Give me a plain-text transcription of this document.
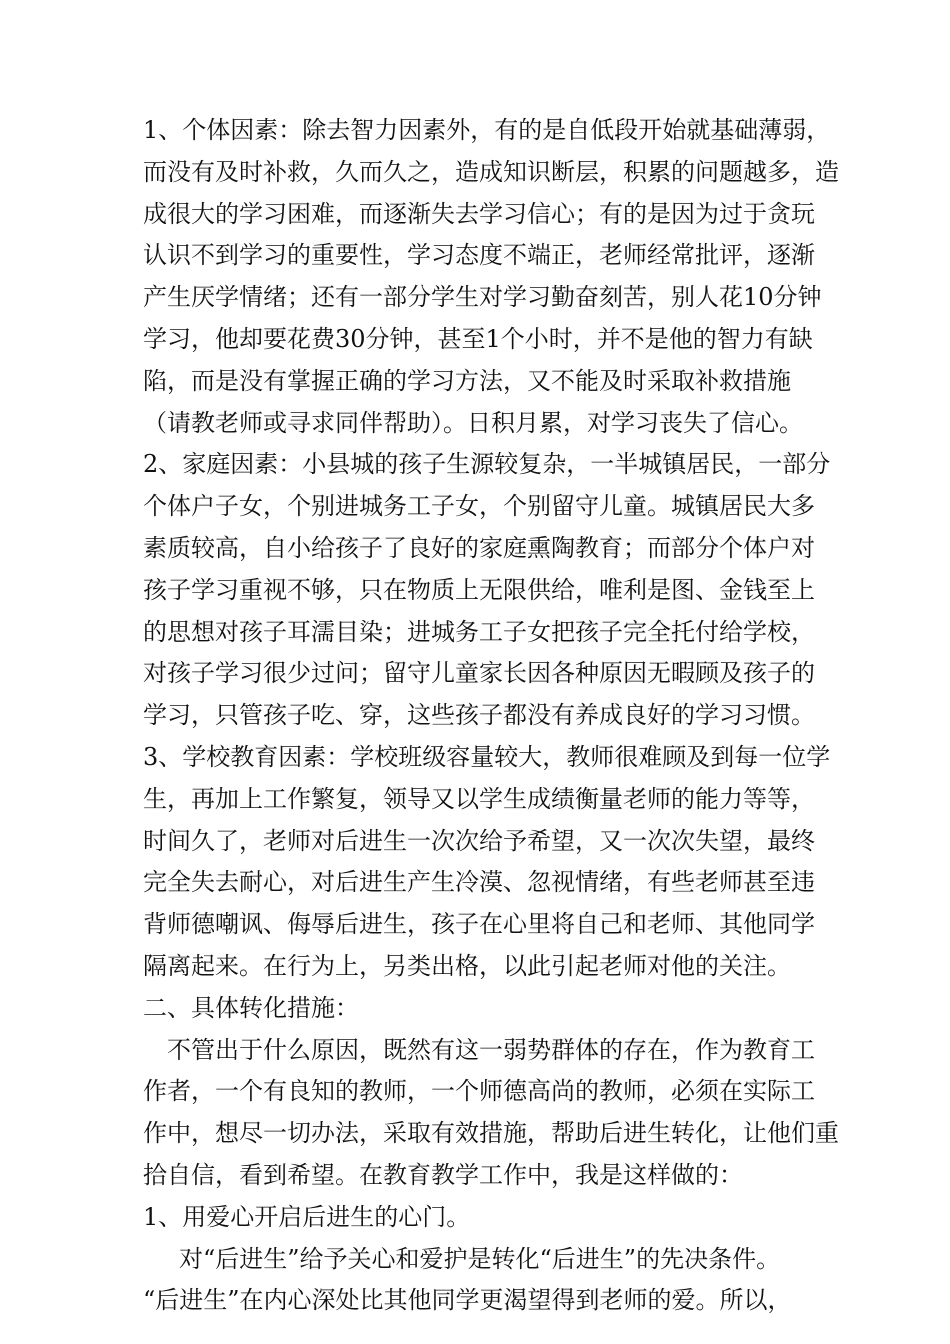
1、个体因素：除去智力因素外，有的是自低段开始就基础薄弱，
而没有及时补救，久而久之，造成知识断层，积累的问题越多，造
成很大的学习困难，而逐渐失去学习信心；有的是因为过于贪玩
认识不到学习的重要性，学习态度不端正，老师经常批评，逐渐
产生厌学情绪；还有一部分学生对学习勤奋刻苦，别人花10分钟
学习，他却要花费30分钟，甚至1个小时，并不是他的智力有缺
陷，而是没有掌握正确的学习方法，又不能及时采取补救措施
（请教老师或寻求同伴帮助）。日积月累，对学习丧失了信心。
2、家庭因素：小县城的孩子生源较复杂，一半城镇居民，一部分
个体户子女，个别进城务工子女，个别留守儿童。城镇居民大多
素质较高，自小给孩子了良好的家庭熏陶教育；而部分个体户对
孩子学习重视不够，只在物质上无限供给，唯利是图、金钱至上
的思想对孩子耳濡目染；进城务工子女把孩子完全托付给学校，
对孩子学习很少过问；留守儿童家长因各种原因无暇顾及孩子的
学习，只管孩子吃、穿，这些孩子都没有养成良好的学习习惯。
3、学校教育因素：学校班级容量较大，教师很难顾及到每一位学
生，再加上工作繁复，领导又以学生成绩衡量老师的能力等等，
时间久了，老师对后进生一次次给予希望，又一次次失望，最终
完全失去耐心，对后进生产生冷漠、忽视情绪，有些老师甚至违
背师德嘲讽、侮辱后进生，孩子在心里将自己和老师、其他同学
隔离起来。在行为上，另类出格，以此引起老师对他的关注。
二、具体转化措施：
不管出于什么原因，既然有这一弱势群体的存在，作为教育工
作者，一个有良知的教师，一个师德高尚的教师，必须在实际工
作中，想尽一切办法，采取有效措施，帮助后进生转化，让他们重
拾自信，看到希望。在教育教学工作中，我是这样做的：
1、用爱心开启后进生的心门。
对“后进生”给予关心和爱护是转化“后进生”的先决条件。
“后进生”在内心深处比其他同学更渴望得到老师的爱。所以，
